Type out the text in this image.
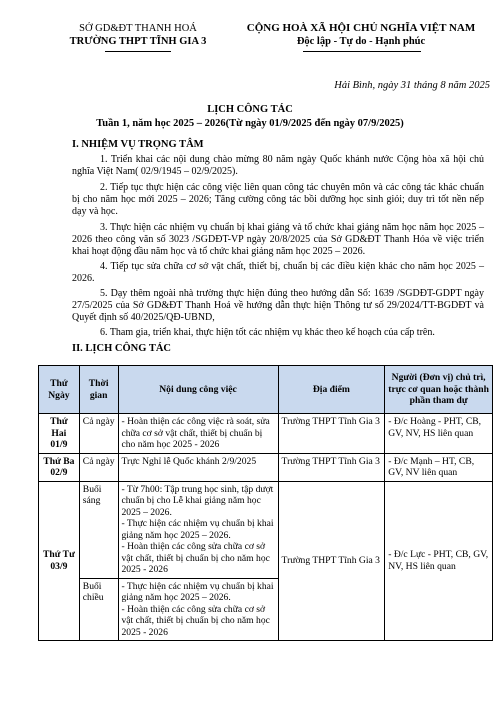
SỞ GD&ĐT THANH HOÁ
TRƯỜNG THPT TĨNH GIA 3
CỘNG HOÀ XÃ HỘI CHỦ NGHĨA VIỆT NAM
Độc lập - Tự do - Hạnh phúc
Hải Bình, ngày 31 tháng 8 năm 2025
LỊCH CÔNG TÁC
Tuần 1, năm học 2025 – 2026(Từ ngày 01/9/2025 đến ngày 07/9/2025)
I. NHIỆM VỤ TRỌNG TÂM
1. Triển khai các nội dung chào mừng 80 năm ngày Quốc khánh nước Cộng hòa xã hội chủ nghĩa Việt Nam( 02/9/1945 – 02/9/2025).
2. Tiếp tục thực hiện các công việc liên quan công tác chuyên môn và các công tác khác chuẩn bị cho năm học mới 2025 – 2026; Tăng cường công tác bồi dưỡng học sinh giỏi; duy trì tốt nền nếp dạy và học.
3. Thực hiện các nhiệm vụ chuẩn bị khai giảng và tổ chức khai giảng năm học năm học 2025 – 2026 theo công văn số 3023 /SGDĐT-VP ngày 20/8/2025 của Sở GD&ĐT Thanh Hóa về việc triển khai hoạt động đầu năm học và tổ chức khai giảng năm học 2025 – 2026.
4. Tiếp tục sửa chữa cơ sở vật chất, thiết bị, chuẩn bị các điều kiện khác cho năm học 2025 – 2026.
5. Dạy thêm ngoài nhà trường thực hiện đúng theo hướng dẫn Số: 1639 /SGDĐT-GDPT ngày 27/5/2025 của Sở GD&ĐT Thanh Hoá về hướng dẫn thực hiện Thông tư số 29/2024/TT-BGDĐT và Quyết định số 40/2025/QĐ-UBND,
6. Tham gia, triển khai, thực hiện tốt các nhiệm vụ khác theo kế hoạch của cấp trên.
II. LỊCH CÔNG TÁC
Thứ Ngày	Thời gian	Nội dung công việc	Địa điểm	Người (Đơn vị) chủ trì, trực cơ quan hoặc thành phần tham dự
Thứ Hai 01/9	Cả ngày	- Hoàn thiện các công việc rà soát, sửa chữa cơ sở vật chất, thiết bị chuẩn bị cho năm học 2025 - 2026	Trường THPT Tĩnh Gia 3	- Đ/c Hoàng - PHT, CB, GV, NV, HS liên quan
Thứ Ba 02/9	Cả ngày	Trực Nghỉ lễ Quốc khánh 2/9/2025	Trường THPT Tĩnh Gia 3	- Đ/c Mạnh – HT, CB, GV, NV liên quan
Thứ Tư 03/9	Buổi sáng	- Từ 7h00: Tập trung học sinh, tập dượt chuẩn bị cho Lễ khai giảng năm học 2025 – 2026.
- Thực hiện các nhiệm vụ chuẩn bị khai giảng năm học 2025 – 2026.
- Hoàn thiện các công sửa chữa cơ sở vật chất, thiết bị chuẩn bị cho năm học 2025 - 2026	Trường THPT Tĩnh Gia 3	- Đ/c Lực - PHT, CB, GV, NV, HS liên quan
	Buổi chiều	- Thực hiện các nhiệm vụ chuẩn bị khai giảng năm học 2025 – 2026.
- Hoàn thiện các công sửa chữa cơ sở vật chất, thiết bị chuẩn bị cho năm học 2025 - 2026		
